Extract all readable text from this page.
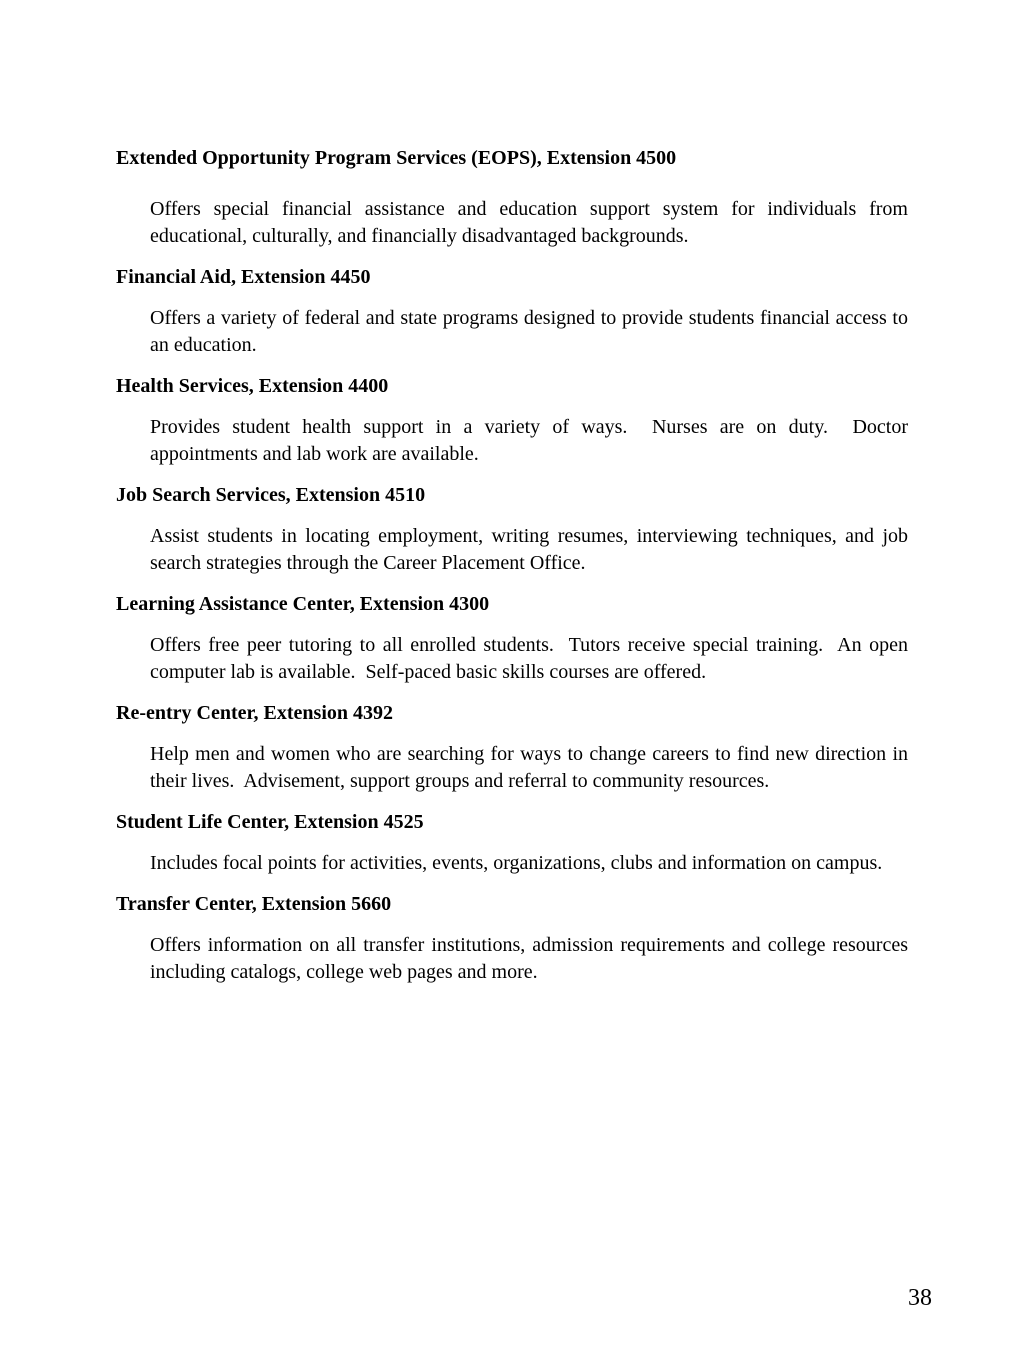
Extended Opportunity Program Services (EOPS), Extension 4500
Offers special financial assistance and education support system for individuals from educational, culturally, and financially disadvantaged backgrounds.
Financial Aid, Extension 4450
Offers a variety of federal and state programs designed to provide students financial access to an education.
Health Services, Extension 4400
Provides student health support in a variety of ways.  Nurses are on duty.  Doctor appointments and lab work are available.
Job Search Services, Extension 4510
Assist students in locating employment, writing resumes, interviewing techniques, and job search strategies through the Career Placement Office.
Learning Assistance Center, Extension 4300
Offers free peer tutoring to all enrolled students.  Tutors receive special training.  An open computer lab is available.  Self-paced basic skills courses are offered.
Re-entry Center, Extension 4392
Help men and women who are searching for ways to change careers to find new direction in their lives.  Advisement, support groups and referral to community resources.
Student Life Center, Extension 4525
Includes focal points for activities, events, organizations, clubs and information on campus.
Transfer Center, Extension 5660
Offers information on all transfer institutions, admission requirements and college resources including catalogs, college web pages and more.
38
